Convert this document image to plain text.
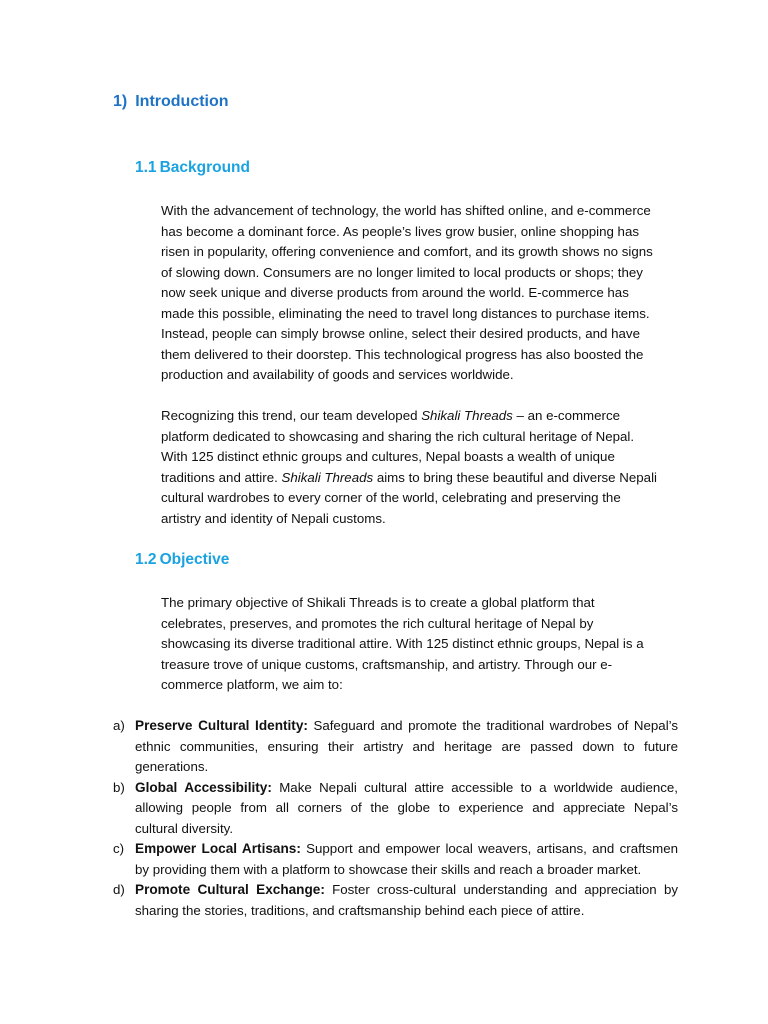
1) Introduction
1.1 Background
With the advancement of technology, the world has shifted online, and e-commerce
has become a dominant force. As people’s lives grow busier, online shopping has
risen in popularity, offering convenience and comfort, and its growth shows no signs
of slowing down. Consumers are no longer limited to local products or shops; they
now seek unique and diverse products from around the world. E-commerce has
made this possible, eliminating the need to travel long distances to purchase items.
Instead, people can simply browse online, select their desired products, and have
them delivered to their doorstep. This technological progress has also boosted the
production and availability of goods and services worldwide.
Recognizing this trend, our team developed Shikali Threads – an e-commerce
platform dedicated to showcasing and sharing the rich cultural heritage of Nepal.
With 125 distinct ethnic groups and cultures, Nepal boasts a wealth of unique
traditions and attire. Shikali Threads aims to bring these beautiful and diverse Nepali
cultural wardrobes to every corner of the world, celebrating and preserving the
artistry and identity of Nepali customs.
1.2 Objective
The primary objective of Shikali Threads is to create a global platform that
celebrates, preserves, and promotes the rich cultural heritage of Nepal by
showcasing its diverse traditional attire. With 125 distinct ethnic groups, Nepal is a
treasure trove of unique customs, craftsmanship, and artistry. Through our e-
commerce platform, we aim to:
a) Preserve Cultural Identity: Safeguard and promote the traditional wardrobes of Nepal’s
ethnic communities, ensuring their artistry and heritage are passed down to future
generations.
b) Global Accessibility: Make Nepali cultural attire accessible to a worldwide audience,
allowing people from all corners of the globe to experience and appreciate Nepal’s
cultural diversity.
c) Empower Local Artisans: Support and empower local weavers, artisans, and craftsmen
by providing them with a platform to showcase their skills and reach a broader market.
d) Promote Cultural Exchange: Foster cross-cultural understanding and appreciation by
sharing the stories, traditions, and craftsmanship behind each piece of attire.
